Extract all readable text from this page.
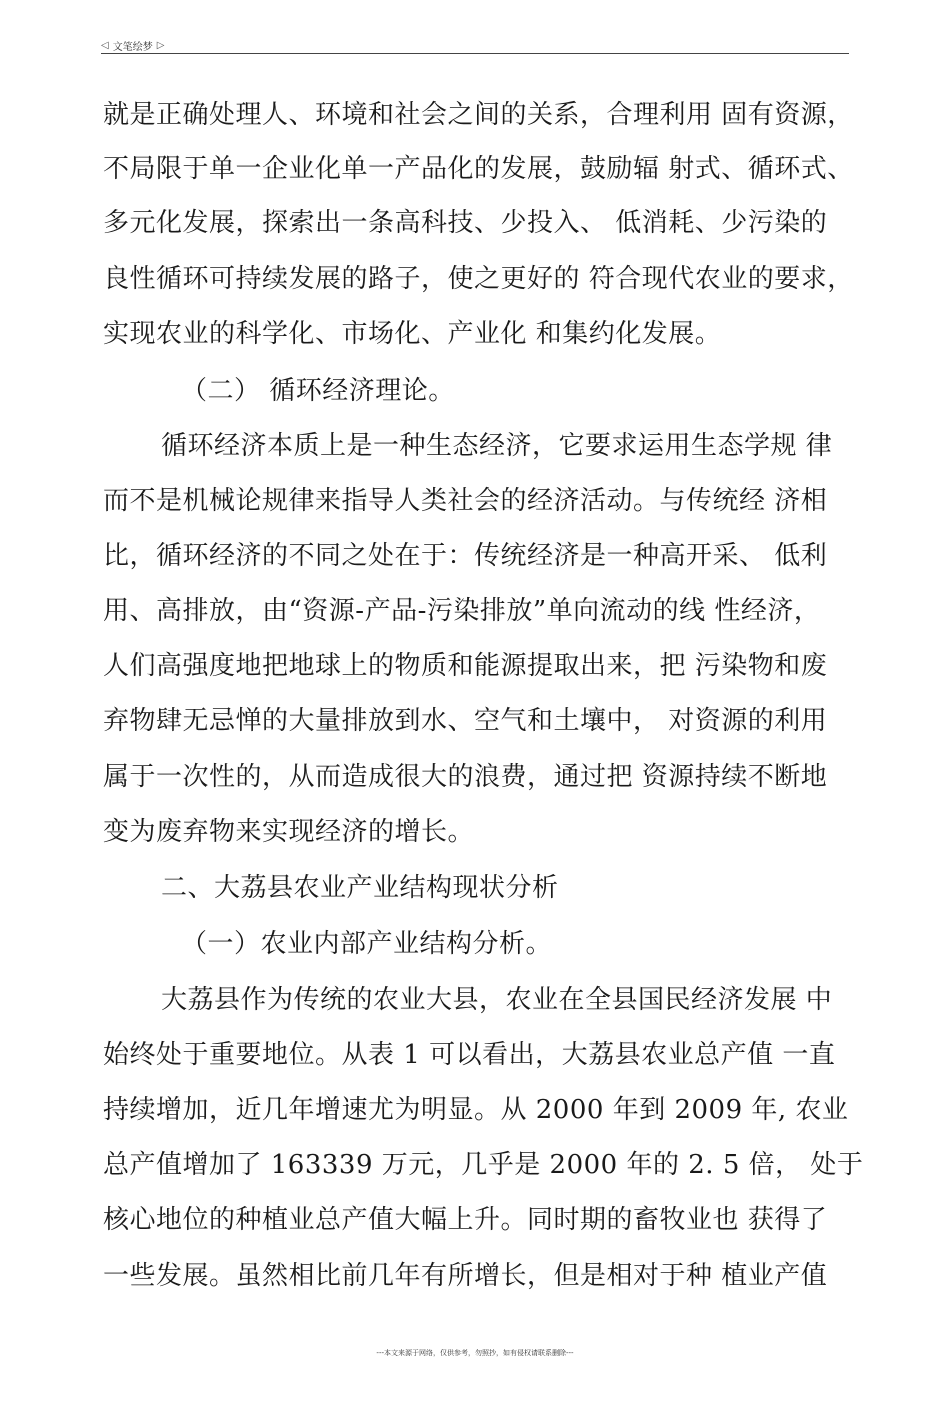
◁ 文笔绘梦 ▷
就是正确处理人、环境和社会之间的关系，合理利用 固有资源，
不局限于单一企业化单一产品化的发展，鼓励辐 射式、循环式、
多元化发展，探索出一条高科技、少投入、 低消耗、少污染的
良性循环可持续发展的路子，使之更好的 符合现代农业的要求，
实现农业的科学化、市场化、产业化 和集约化发展。
（二） 循环经济理论。
循环经济本质上是一种生态经济，它要求运用生态学规 律
而不是机械论规律来指导人类社会的经济活动。与传统经 济相
比，循环经济的不同之处在于：传统经济是一种高开采、 低利
用、高排放，由“资源-产品-污染排放”单向流动的线 性经济，
人们高强度地把地球上的物质和能源提取出来，把 污染物和废
弃物肆无忌惮的大量排放到水、空气和土壤中， 对资源的利用
属于一次性的，从而造成很大的浪费，通过把 资源持续不断地
变为废弃物来实现经济的增长。
二、大荔县农业产业结构现状分析
（一）农业内部产业结构分析。
大荔县作为传统的农业大县，农业在全县国民经济发展 中
始终处于重要地位。从表 1 可以看出，大荔县农业总产值 一直
持续增加，近几年增速尤为明显。从 2000 年到 2009 年, 农业
总产值增加了 163339 万元，几乎是 2000 年的 2. 5 倍， 处于
核心地位的种植业总产值大幅上升。同时期的畜牧业也 获得了
一些发展。虽然相比前几年有所增长，但是相对于种 植业产值
---本文来源于网络，仅供参考，勿照抄，如有侵权请联系删除---
